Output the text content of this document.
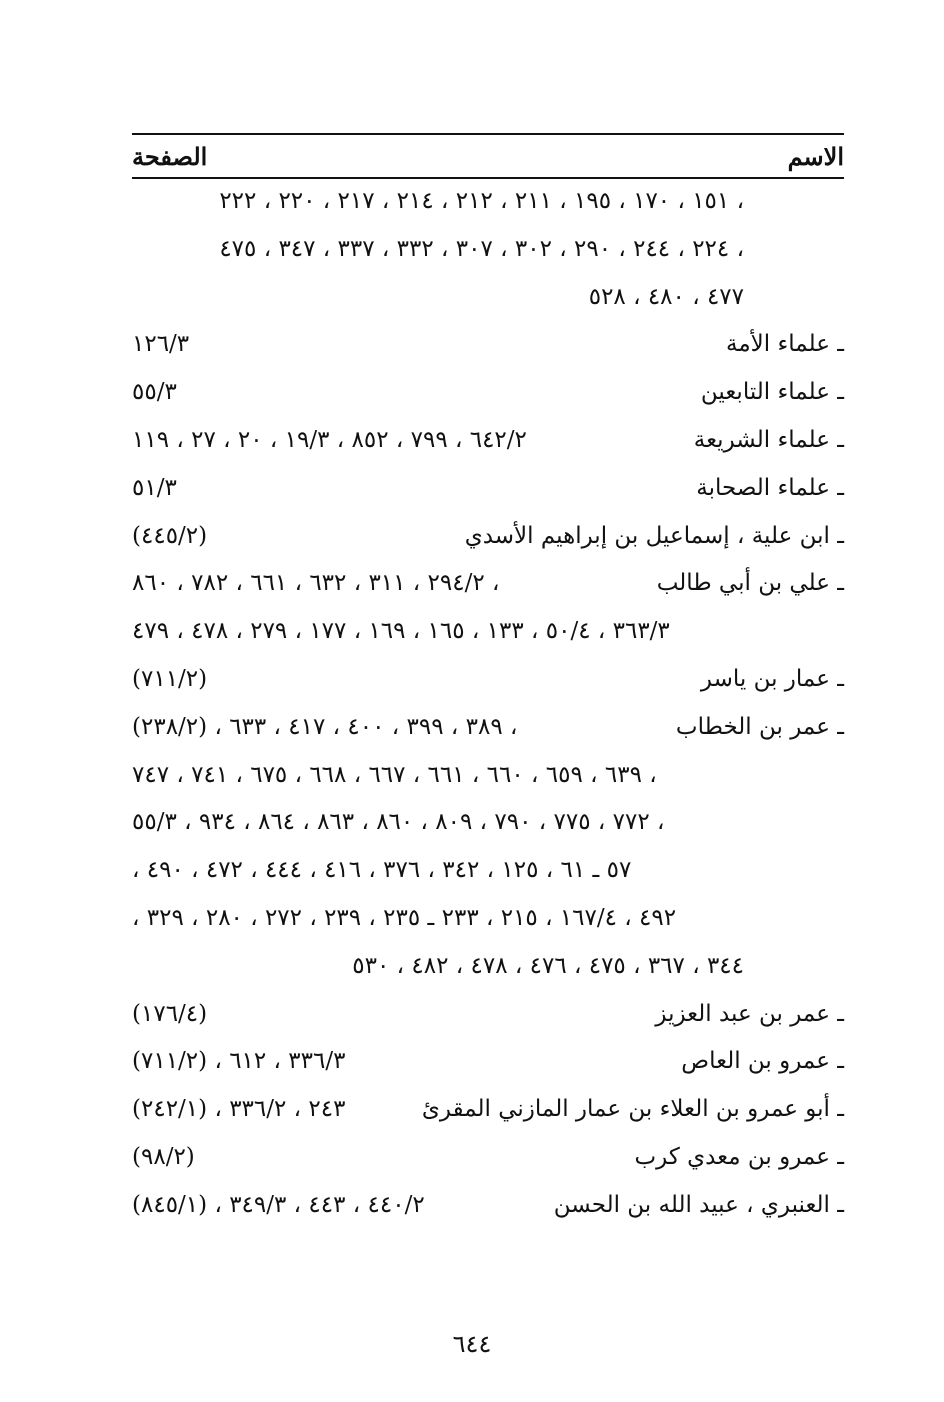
الاسم
الصفحة
١٥١ ، ١٧٠ ، ١٩٥ ، ٢١١ ، ٢١٢ ، ٢١٤ ، ٢١٧ ، ٢٢٠ ، ٢٢٢ ،
٢٢٤ ، ٢٤٤ ، ٢٩٠ ، ٣٠٢ ، ٣٠٧ ، ٣٣٢ ، ٣٣٧ ، ٣٤٧ ، ٤٧٥ ،
٤٧٧ ، ٤٨٠ ، ٥٢٨
ـ علماء الأمة
١٢٦/٣
ـ علماء التابعين
٥٥/٣
ـ علماء الشريعة
٦٤٢/٢ ، ٧٩٩ ، ٨٥٢ ، ١٩/٣ ، ٢٠ ، ٢٧ ، ١١٩
ـ علماء الصحابة
٥١/٣
ـ ابن علية ، إسماعيل بن إبراهيم الأسدي
(٤٤٥/٢)
ـ علي بن أبي طالب
٢٩٤/٢ ، ٣١١ ، ٦٣٢ ، ٦٦١ ، ٧٨٢ ، ٨٦٠ ،
٣٦٣/٣ ، ٥٠/٤ ، ١٣٣ ، ١٦٥ ، ١٦٩ ، ١٧٧ ، ٢٧٩ ، ٤٧٨ ، ٤٧٩
ـ عمار بن ياسر
(٧١١/٢)
ـ عمر بن الخطاب
(٢٣٨/٢) ، ٣٨٩ ، ٣٩٩ ، ٤٠٠ ، ٤١٧ ، ٦٣٣ ،
٦٣٩ ، ٦٥٩ ، ٦٦٠ ، ٦٦١ ، ٦٦٧ ، ٦٦٨ ، ٦٧٥ ، ٧٤١ ، ٧٤٧ ،
٧٧٢ ، ٧٧٥ ، ٧٩٠ ، ٨٠٩ ، ٨٦٠ ، ٨٦٣ ، ٨٦٤ ، ٩٣٤ ، ٥٥/٣ ،
٥٧ ـ ٦١ ، ١٢٥ ، ٣٤٢ ، ٣٧٦ ، ٤١٦ ، ٤٤٤ ، ٤٧٢ ، ٤٩٠ ،
٤٩٢ ، ١٦٧/٤ ، ٢١٥ ، ٢٣٣ ـ ٢٣٥ ، ٢٣٩ ، ٢٧٢ ، ٢٨٠ ، ٣٢٩ ،
٣٤٤ ، ٣٦٧ ، ٤٧٥ ، ٤٧٦ ، ٤٧٨ ، ٤٨٢ ، ٥٣٠
ـ عمر بن عبد العزيز
(١٧٦/٤)
ـ عمرو بن العاص
(٧١١/٢) ، ٣٣٦/٣ ، ٦١٢
ـ أبو عمرو بن العلاء بن عمار المازني المقرئ
(٢٤٢/١) ، ٢٤٣ ، ٣٣٦/٢
ـ عمرو بن معدي كرب
(٩٨/٢)
ـ العنبري ، عبيد الله بن الحسن
(٨٤٥/١) ، ٤٤٠/٢ ، ٤٤٣ ، ٣٤٩/٣
٦٤٤
